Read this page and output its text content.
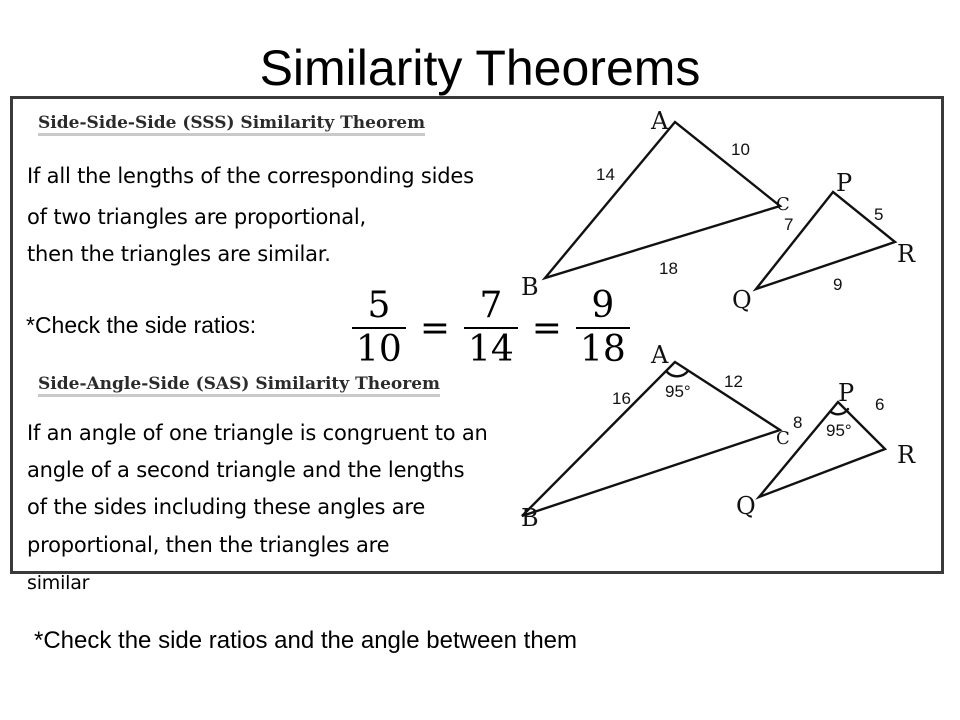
Similarity Theorems
Side-Side-Side (SSS) Similarity Theorem
If all the lengths of the corresponding sides
of two triangles are proportional,
then the triangles are similar.
*Check the side ratios:	$\frac{5}{10} = \frac{7}{14} = \frac{9}{18}$
Side-Angle-Side (SAS) Similarity Theorem
If an angle of one triangle is congruent to an
angle of a second triangle and the lengths
of the sides including these angles are
proportional, then the triangles are
similar
*Check the side ratios and the angle between them
A
B
C
P
Q
R
A
B
C
P
Q
R
14
10
18
5
7
9
16
12
95°
8
6
95°
